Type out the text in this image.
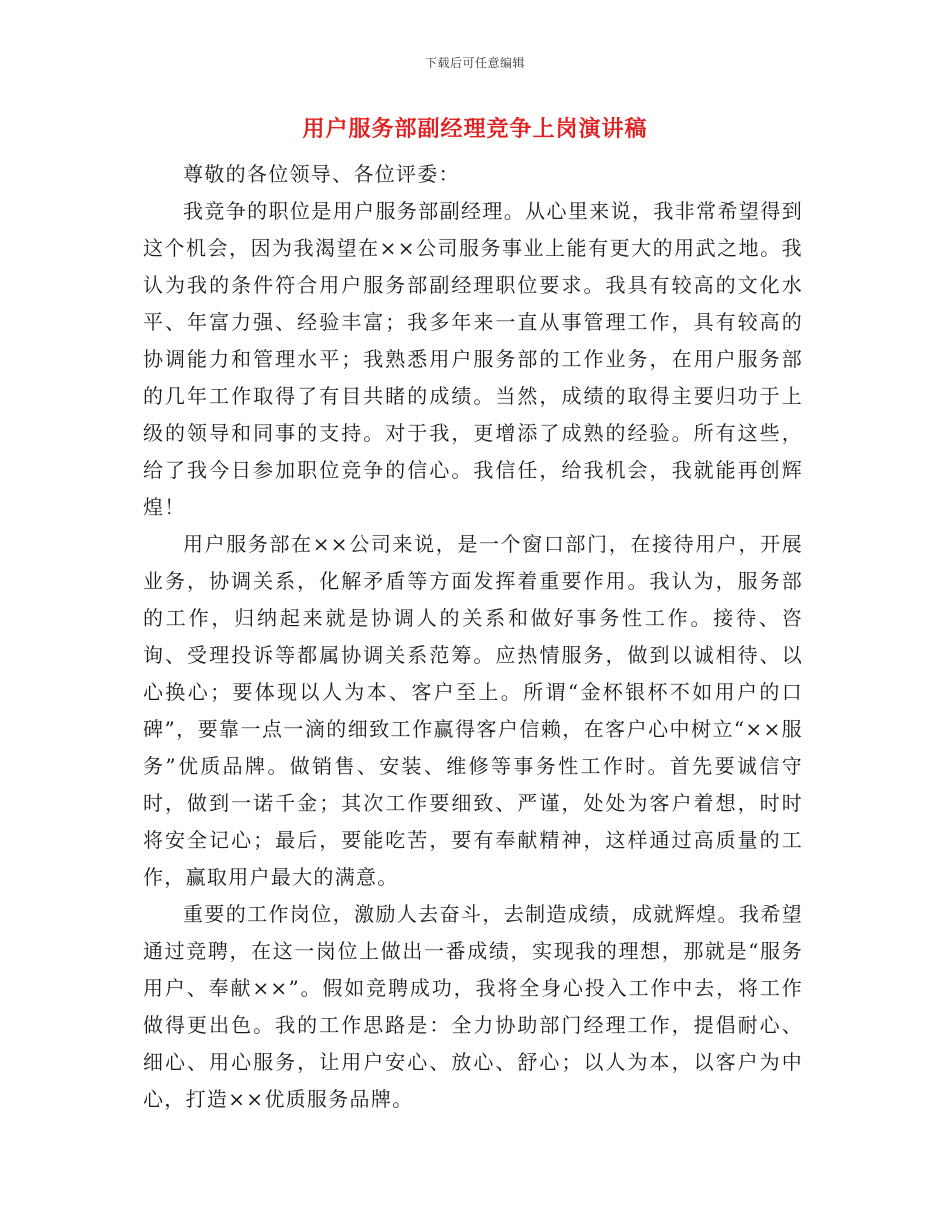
下载后可任意编辑
用户服务部副经理竞争上岗演讲稿

尊敬的各位领导、各位评委：

我竞争的职位是用户服务部副经理。从心里来说，我非常希望得到这个机会，因为我渴望在××公司服务事业上能有更大的用武之地。我认为我的条件符合用户服务部副经理职位要求。我具有较高的文化水平、年富力强、经验丰富；我多年来一直从事管理工作，具有较高的协调能力和管理水平；我熟悉用户服务部的工作业务，在用户服务部的几年工作取得了有目共睹的成绩。当然，成绩的取得主要归功于上级的领导和同事的支持。对于我，更增添了成熟的经验。所有这些，给了我今日参加职位竞争的信心。我信任，给我机会，我就能再创辉煌！

用户服务部在××公司来说，是一个窗口部门，在接待用户，开展业务，协调关系，化解矛盾等方面发挥着重要作用。我认为，服务部的工作，归纳起来就是协调人的关系和做好事务性工作。接待、咨询、受理投诉等都属协调关系范筹。应热情服务，做到以诚相待、以心换心；要体现以人为本、客户至上。所谓“金杯银杯不如用户的口碑”，要靠一点一滴的细致工作赢得客户信赖，在客户心中树立“××服务”优质品牌。做销售、安装、维修等事务性工作时。首先要诚信守时，做到一诺千金；其次工作要细致、严谨，处处为客户着想，时时将安全记心；最后，要能吃苦，要有奉献精神，这样通过高质量的工作，赢取用户最大的满意。

重要的工作岗位，激励人去奋斗，去制造成绩，成就辉煌。我希望通过竞聘，在这一岗位上做出一番成绩，实现我的理想，那就是“服务用户、奉献××”。假如竞聘成功，我将全身心投入工作中去，将工作做得更出色。我的工作思路是：全力协助部门经理工作，提倡耐心、细心、用心服务，让用户安心、放心、舒心；以人为本，以客户为中心，打造××优质服务品牌。
